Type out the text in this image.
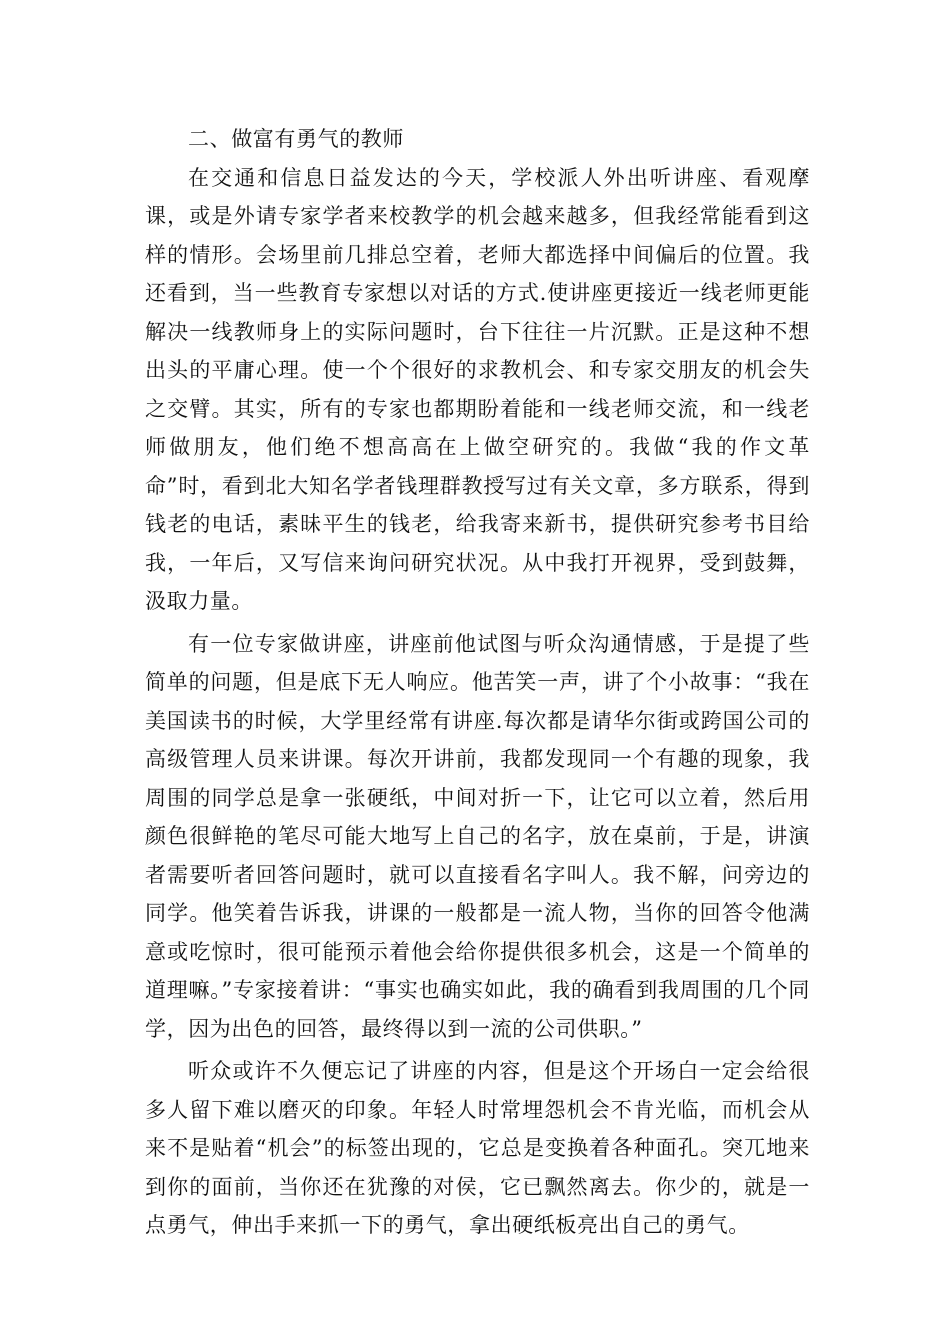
二、做富有勇气的教师

在交通和信息日益发达的今天，学校派人外出听讲座、看观摩课，或是外请专家学者来校教学的机会越来越多，但我经常能看到这样的情形。会场里前几排总空着，老师大都选择中间偏后的位置。我还看到，当一些教育专家想以对话的方式.使讲座更接近一线老师更能解决一线教师身上的实际问题时，台下往往一片沉默。正是这种不想出头的平庸心理。使一个个很好的求教机会、和专家交朋友的机会失之交臂。其实，所有的专家也都期盼着能和一线老师交流，和一线老师做朋友，他们绝不想高高在上做空研究的。我做“我的作文革命”时，看到北大知名学者钱理群教授写过有关文章，多方联系，得到钱老的电话，素昧平生的钱老，给我寄来新书，提供研究参考书目给我，一年后，又写信来询问研究状况。从中我打开视界，受到鼓舞，汲取力量。

有一位专家做讲座，讲座前他试图与听众沟通情感，于是提了些简单的问题，但是底下无人响应。他苦笑一声，讲了个小故事：“我在美国读书的时候，大学里经常有讲座.每次都是请华尔街或跨国公司的高级管理人员来讲课。每次开讲前，我都发现同一个有趣的现象，我周围的同学总是拿一张硬纸，中间对折一下，让它可以立着，然后用颜色很鲜艳的笔尽可能大地写上自己的名字，放在桌前，于是，讲演者需要听者回答问题时，就可以直接看名字叫人。我不解，问旁边的同学。他笑着告诉我，讲课的一般都是一流人物，当你的回答令他满意或吃惊时，很可能预示着他会给你提供很多机会，这是一个简单的道理嘛。”专家接着讲：“事实也确实如此，我的确看到我周围的几个同学，因为出色的回答，最终得以到一流的公司供职。”

听众或许不久便忘记了讲座的内容，但是这个开场白一定会给很多人留下难以磨灭的印象。年轻人时常埋怨机会不肯光临，而机会从来不是贴着“机会”的标签出现的，它总是变换着各种面孔。突兀地来到你的面前，当你还在犹豫的对侯，它已飘然离去。你少的，就是一点勇气，伸出手来抓一下的勇气，拿出硬纸板亮出自己的勇气。
